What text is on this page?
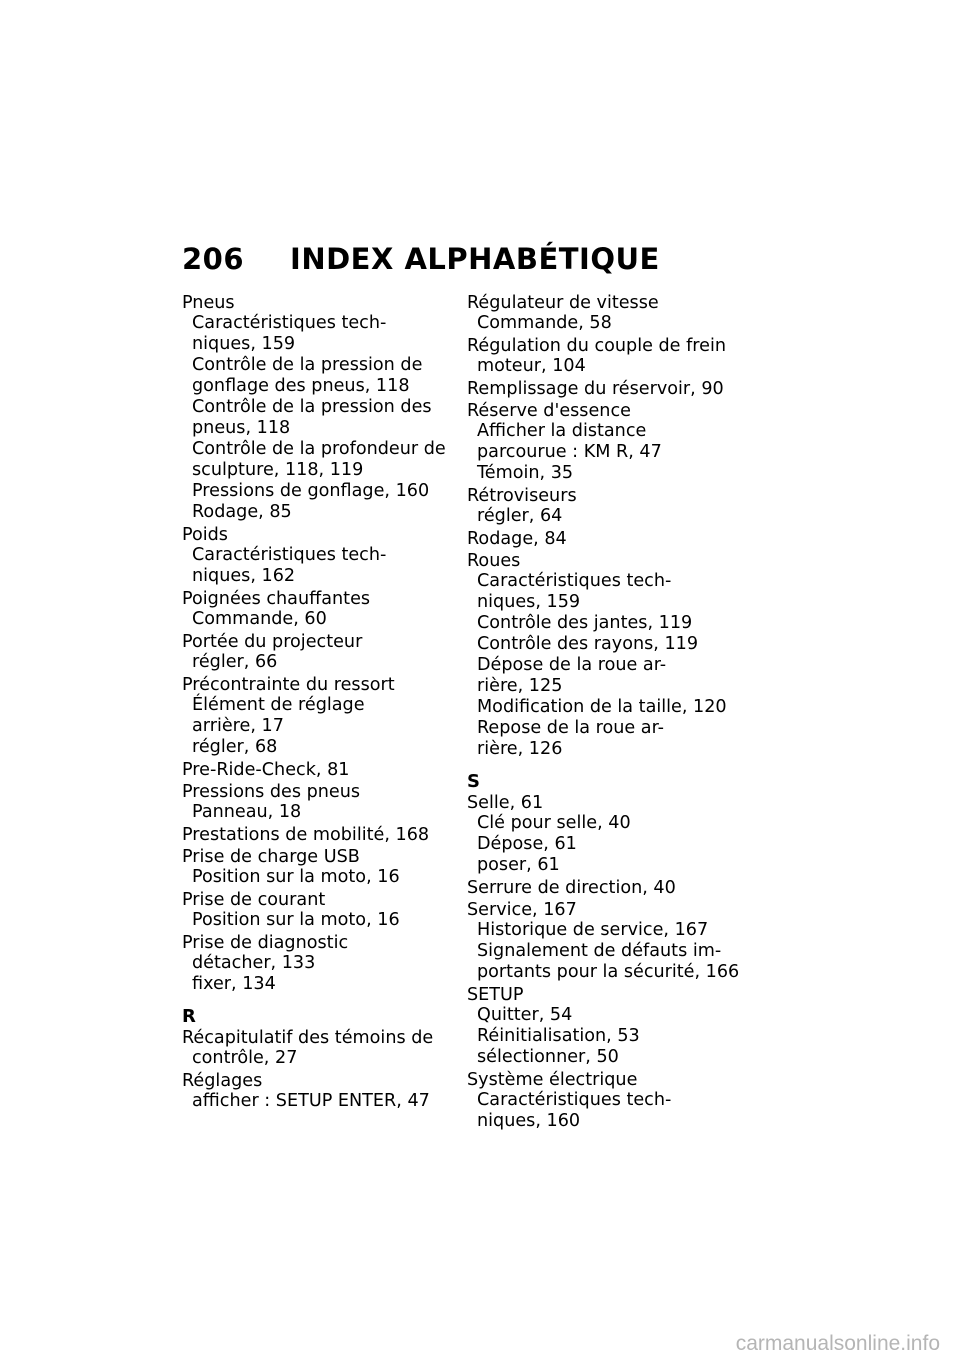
206 INDEX ALPHABÉTIQUE
Pneus
Caractéristiques tech-
niques, 159
Contrôle de la pression de
gonflage des pneus, 118
Contrôle de la pression des
pneus, 118
Contrôle de la profondeur de
sculpture, 118, 119
Pressions de gonflage, 160
Rodage, 85
Poids
Caractéristiques tech-
niques, 162
Poignées chauffantes
Commande, 60
Portée du projecteur
régler, 66
Précontrainte du ressort
Élément de réglage
arrière, 17
régler, 68
Pre-Ride-Check, 81
Pressions des pneus
Panneau, 18
Prestations de mobilité, 168
Prise de charge USB
Position sur la moto, 16
Prise de courant
Position sur la moto, 16
Prise de diagnostic
détacher, 133
fixer, 134
R
Récapitulatif des témoins de
contrôle, 27
Réglages
afficher : SETUP ENTER, 47
Régulateur de vitesse
Commande, 58
Régulation du couple de frein
moteur, 104
Remplissage du réservoir, 90
Réserve d'essence
Afficher la distance
parcourue : KM R, 47
Témoin, 35
Rétroviseurs
régler, 64
Rodage, 84
Roues
Caractéristiques tech-
niques, 159
Contrôle des jantes, 119
Contrôle des rayons, 119
Dépose de la roue ar-
rière, 125
Modification de la taille, 120
Repose de la roue ar-
rière, 126
S
Selle, 61
Clé pour selle, 40
Dépose, 61
poser, 61
Serrure de direction, 40
Service, 167
Historique de service, 167
Signalement de défauts im-
portants pour la sécurité, 166
SETUP
Quitter, 54
Réinitialisation, 53
sélectionner, 50
Système électrique
Caractéristiques tech-
niques, 160
carmanualsonline.info
